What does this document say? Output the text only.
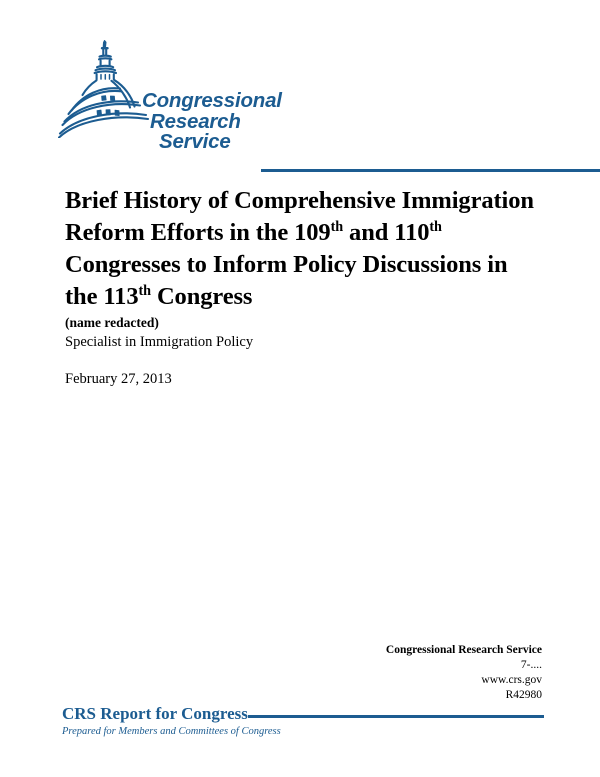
Congressional
Research
Service
Brief History of Comprehensive Immigration
Reform Efforts in the 109th and 110th
Congresses to Inform Policy Discussions in
the 113th Congress
(name redacted)
Specialist in Immigration Policy
February 27, 2013
Congressional Research Service
7-....
www.crs.gov
R42980
CRS Report for Congress
Prepared for Members and Committees of Congress
